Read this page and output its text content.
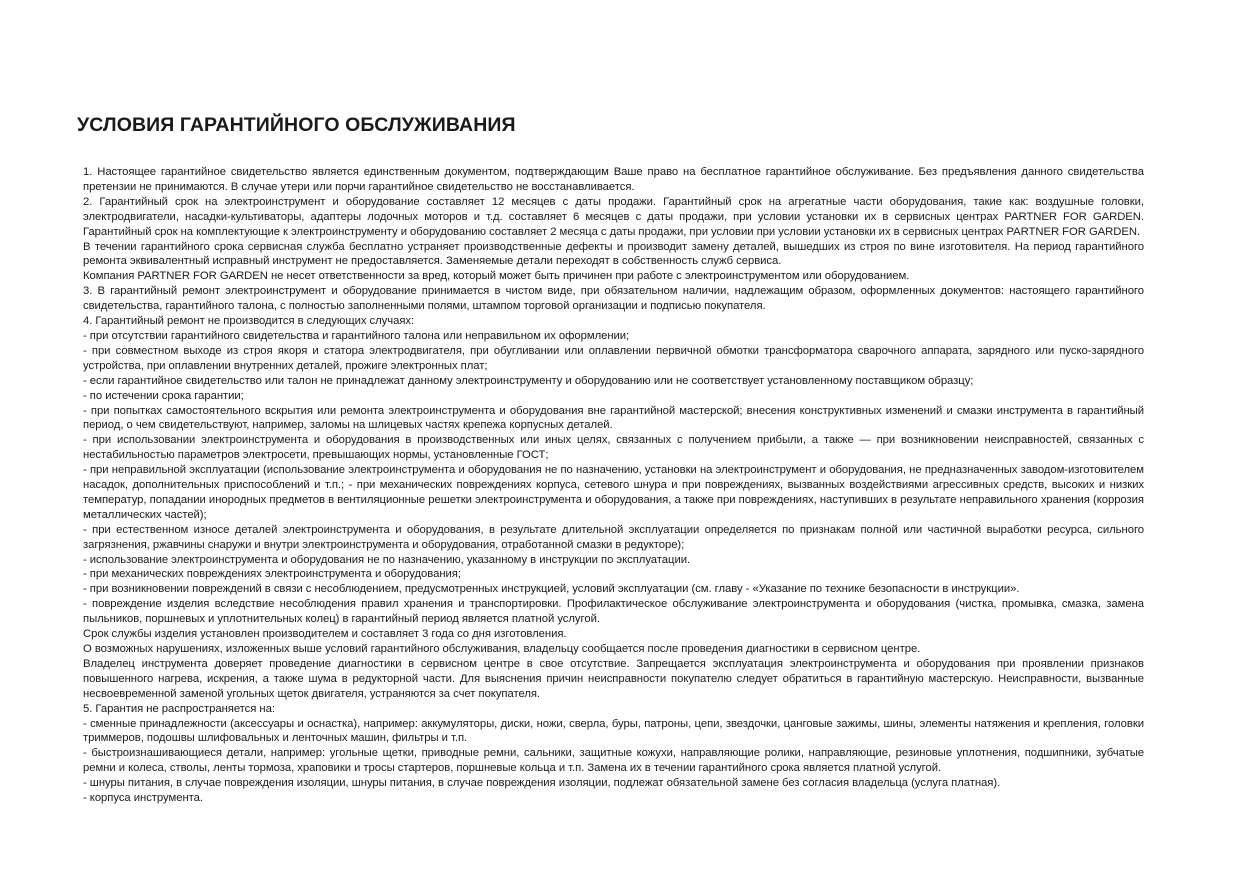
УСЛОВИЯ ГАРАНТИЙНОГО ОБСЛУЖИВАНИЯ

1. Настоящее гарантийное свидетельство является единственным документом, подтверждающим Ваше право на бесплатное гарантийное обслуживание. Без предъявления данного свидетельства претензии не принимаются. В случае утери или порчи гарантийное свидетельство не восстанавливается.

2. Гарантийный срок на электроинструмент и оборудование составляет 12 месяцев с даты продажи. Гарантийный срок на агрегатные части оборудования, такие как: воздушные головки, электродвигатели, насадки-культиваторы, адаптеры лодочных моторов и т.д. составляет 6 месяцев с даты продажи, при условии установки их в сервисных центрах PARTNER FOR GARDEN. Гарантийный срок на комплектующие к электроинструменту и оборудованию составляет 2 месяца с даты продажи, при условии при условии установки их в сервисных центрах PARTNER FOR GARDEN.

В течении гарантийного срока сервисная служба бесплатно устраняет производственные дефекты и производит замену деталей, вышедших из строя по вине изготовителя. На период гарантийного ремонта эквивалентный исправный инструмент не предоставляется. Заменяемые детали переходят в собственность служб сервиса.

Компания PARTNER FOR GARDEN не несет ответственности за вред, который может быть причинен при работе с электроинструментом или оборудованием.

3. В гарантийный ремонт электроинструмент и оборудование принимается в чистом виде, при обязательном наличии, надлежащим образом, оформленных документов: настоящего гарантийного свидетельства, гарантийного талона, с полностью заполненными полями, штампом торговой организации и подписью покупателя.

4. Гарантийный ремонт не производится в следующих случаях:

- при отсутствии гарантийного свидетельства и гарантийного талона или неправильном их оформлении;

- при совместном выходе из строя якоря и статора электродвигателя, при обугливании или оплавлении первичной обмотки трансформатора сварочного аппарата, зарядного или пуско-зарядного устройства, при оплавлении внутренних деталей, прожиге электронных плат;

- если гарантийное свидетельство или талон не принадлежат данному электроинструменту и оборудованию или не соответствует установленному поставщиком образцу;

- по истечении срока гарантии;

- при попытках самостоятельного вскрытия или ремонта электроинструмента и оборудования вне гарантийной мастерской; внесения конструктивных изменений и смазки инструмента в гарантийный период, о чем свидетельствуют, например, заломы на шлицевых частях крепежа корпусных деталей.

- при использовании электроинструмента и оборудования в производственных или иных целях, связанных с получением прибыли, а также — при возникновении неисправностей, связанных с нестабильностью параметров электросети, превышающих нормы, установленные ГОСТ;

- при неправильной эксплуатации (использование электроинструмента и оборудования не по назначению, установки на электроинструмент и оборудования, не предназначенных заводом-изготовителем насадок, дополнительных приспособлений и т.п.; - при механических повреждениях корпуса, сетевого шнура и при повреждениях, вызванных воздействиями агрессивных средств, высоких и низких температур, попадании инородных предметов в вентиляционные решетки электроинструмента и оборудования, а также при повреждениях, наступивших в результате неправильного хранения (коррозия металлических частей);

- при естественном износе деталей электроинструмента и оборудования, в результате длительной эксплуатации определяется по признакам полной или частичной выработки ресурса, сильного загрязнения, ржавчины снаружи и внутри электроинструмента и оборудования, отработанной смазки в редукторе);

- использование электроинструмента и оборудования не по назначению, указанному в инструкции по эксплуатации.

- при механических повреждениях электроинструмента и оборудования;

- при возникновении повреждений в связи с несоблюдением, предусмотренных инструкцией, условий эксплуатации (см. главу - «Указание по технике безопасности в инструкции».

- повреждение изделия вследствие несоблюдения правил хранения и транспортировки. Профилактическое обслуживание электроинструмента и оборудования (чистка, промывка, смазка, замена пыльников, поршневых и уплотнительных колец) в гарантийный период является платной услугой.

Срок службы изделия установлен производителем и составляет 3 года со дня изготовления.

О возможных нарушениях, изложенных выше условий гарантийного обслуживания, владельцу сообщается после проведения диагностики в сервисном центре.

Владелец инструмента доверяет проведение диагностики в сервисном центре в свое отсутствие. Запрещается эксплуатация электроинструмента и оборудования при проявлении признаков повышенного нагрева, искрения, а также шума в редукторной части. Для выяснения причин неисправности покупателю следует обратиться в гарантийную мастерскую. Неисправности, вызванные несвоевременной заменой угольных щеток двигателя, устраняются за счет покупателя.

5. Гарантия не распространяется на:

- сменные принадлежности (аксессуары и оснастка), например: аккумуляторы, диски, ножи, сверла, буры, патроны, цепи, звездочки, цанговые зажимы, шины, элементы натяжения и крепления, головки триммеров, подошвы шлифовальных и ленточных машин, фильтры и т.п.

- быстроизнашивающиеся детали, например: угольные щетки, приводные ремни, сальники, защитные кожухи, направляющие ролики, направляющие, резиновые уплотнения, подшипники, зубчатые ремни и колеса, стволы, ленты тормоза, храповики и тросы стартеров, поршневые кольца и т.п. Замена их в течении гарантийного срока является платной услугой.

- шнуры питания, в случае повреждения изоляции, шнуры питания, в случае повреждения изоляции, подлежат обязательной замене без согласия владельца (услуга платная).

- корпуса инструмента.
